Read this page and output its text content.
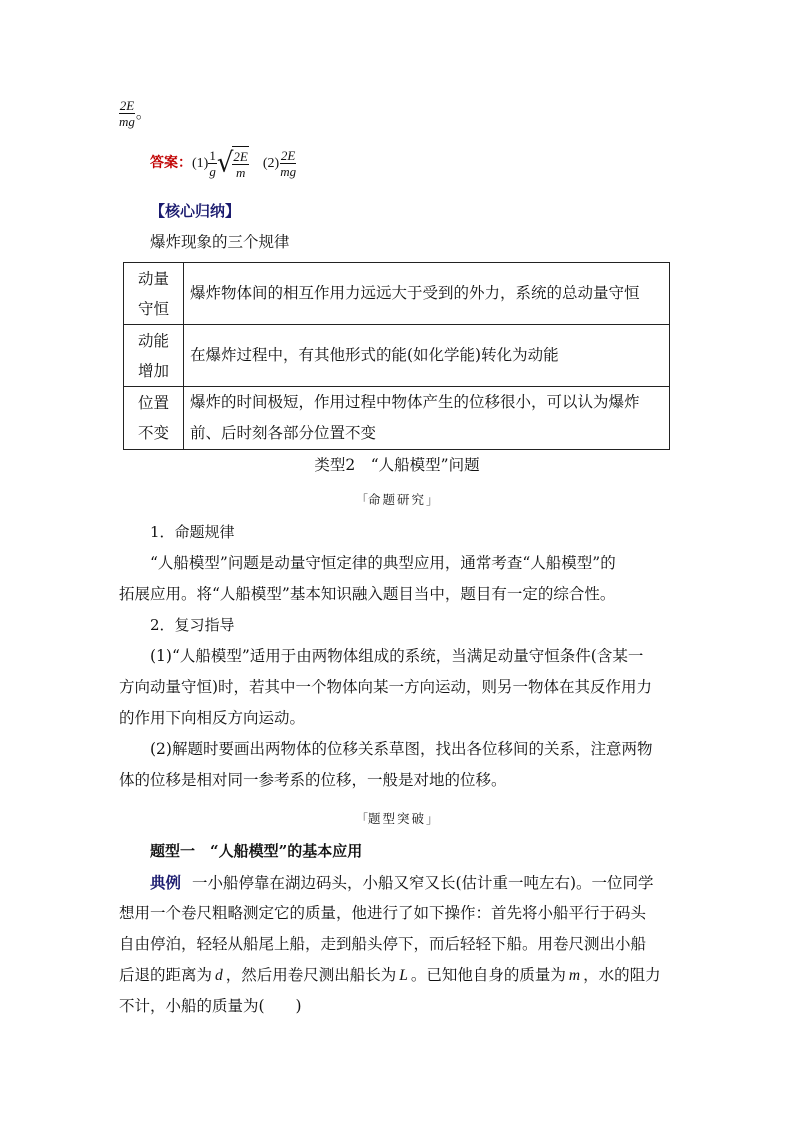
$\frac{2E}{mg}$ 。
答案： $(1) \frac{1}{g}$ √ $\frac{2E}{m} (2) \frac{2E}{mg}$
【核心归纳】
爆炸现象的三个规律
动量
守恒	爆炸物体间的相互作用力远远大于受到的外力，系统的总动量守恒
动能
增加	在爆炸过程中，有其他形式的能(如化学能)转化为动能
位置
不变	爆炸的时间极短，作用过程中物体产生的位移很小，可以认为爆炸前、后时刻各部分位置不变
类型2　“人船模型”问题
「命题研究」
1．命题规律
“人船模型”问题是动量守恒定律的典型应用，通常考查“人船模型”的
拓展应用。将“人船模型”基本知识融入题目当中，题目有一定的综合性。
2．复习指导
(1)“人船模型”适用于由两物体组成的系统，当满足动量守恒条件(含某一
方向动量守恒)时，若其中一个物体向某一方向运动，则另一物体在其反作用力
的作用下向相反方向运动。
(2)解题时要画出两物体的位移关系草图，找出各位移间的关系，注意两物
体的位移是相对同一参考系的位移，一般是对地的位移。
「题型突破」
题型一　“人船模型”的基本应用
典例 一小船停靠在湖边码头，小船又窄又长(估计重一吨左右)。一位同学
想用一个卷尺粗略测定它的质量，他进行了如下操作：首先将小船平行于码头
自由停泊，轻轻从船尾上船，走到船头停下，而后轻轻下船。用卷尺测出小船
后退的距离为 d ，然后用卷尺测出船长为 L 。已知他自身的质量为 m ，水的阻力
不计，小船的质量为(　　)
